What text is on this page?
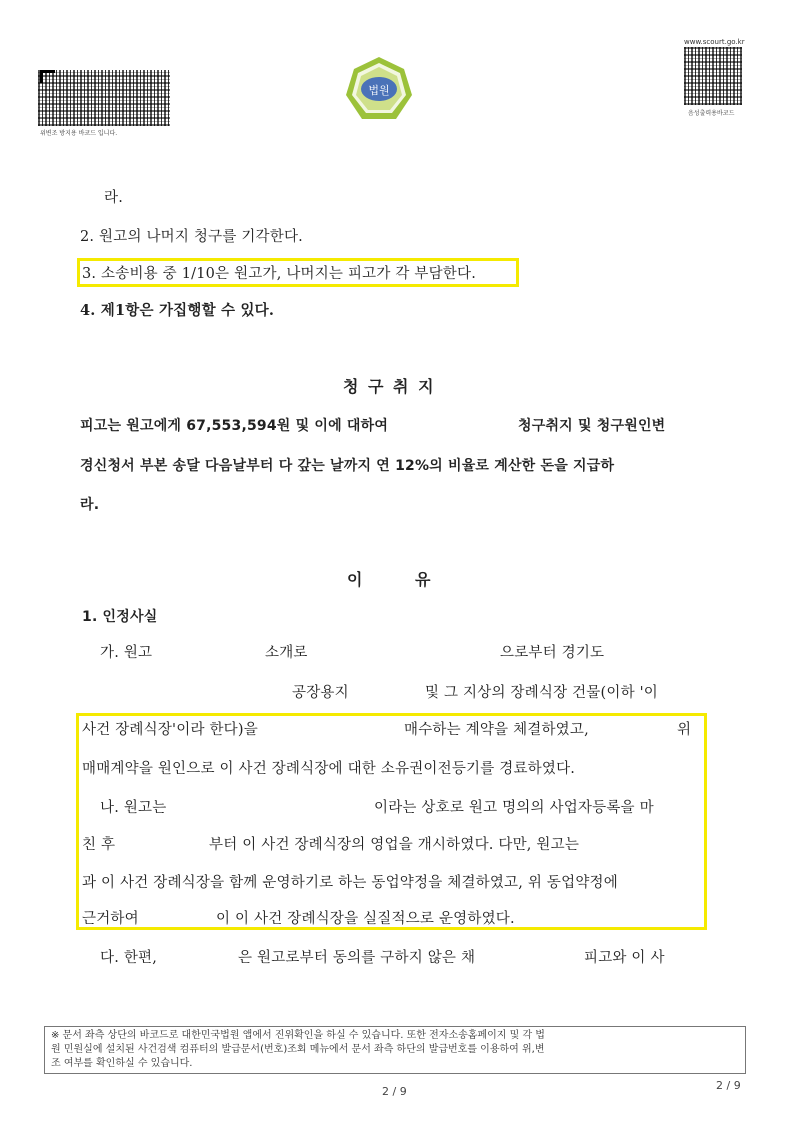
위변조 방지용 바코드 입니다.
법원
www.scourt.go.kr
음성출력용바코드
라.
2. 원고의 나머지 청구를 기각한다.
3. 소송비용 중 1/10은 원고가, 나머지는 피고가 각 부담한다.
4. 제1항은 가집행할 수 있다.
청 구 취 지
피고는 원고에게 67,553,594원 및 이에 대하여	청구취지 및 청구원인변
경신청서 부본 송달 다음날부터 다 갚는 날까지 연 12%의 비율로 계산한 돈을 지급하
라.
이	유
1. 인정사실
가. 원고	소개로	으로부터 경기도
공장용지	및 그 지상의 장례식장 건물(이하 '이
사건 장례식장'이라 한다)을	매수하는 계약을 체결하였고,	위
매매계약을 원인으로 이 사건 장례식장에 대한 소유권이전등기를 경료하였다.
나. 원고는	이라는 상호로 원고 명의의 사업자등록을 마
친 후	부터 이 사건 장례식장의 영업을 개시하였다. 다만, 원고는
과 이 사건 장례식장을 함께 운영하기로 하는 동업약정을 체결하였고, 위 동업약정에
근거하여	이 이 사건 장례식장을 실질적으로 운영하였다.
다. 한편,	은 원고로부터 동의를 구하지 않은 채	피고와 이 사
※ 문서 좌측 상단의 바코드로 대한민국법원 앱에서 진위확인을 하실 수 있습니다. 또한 전자소송홈페이지 및 각 법
원 민원실에 설치된 사건검색 컴퓨터의 발급문서(번호)조회 메뉴에서 문서 좌측 하단의 발급번호를 이용하여 위,변
조 여부를 확인하실 수 있습니다.
2 / 9	2 / 9
